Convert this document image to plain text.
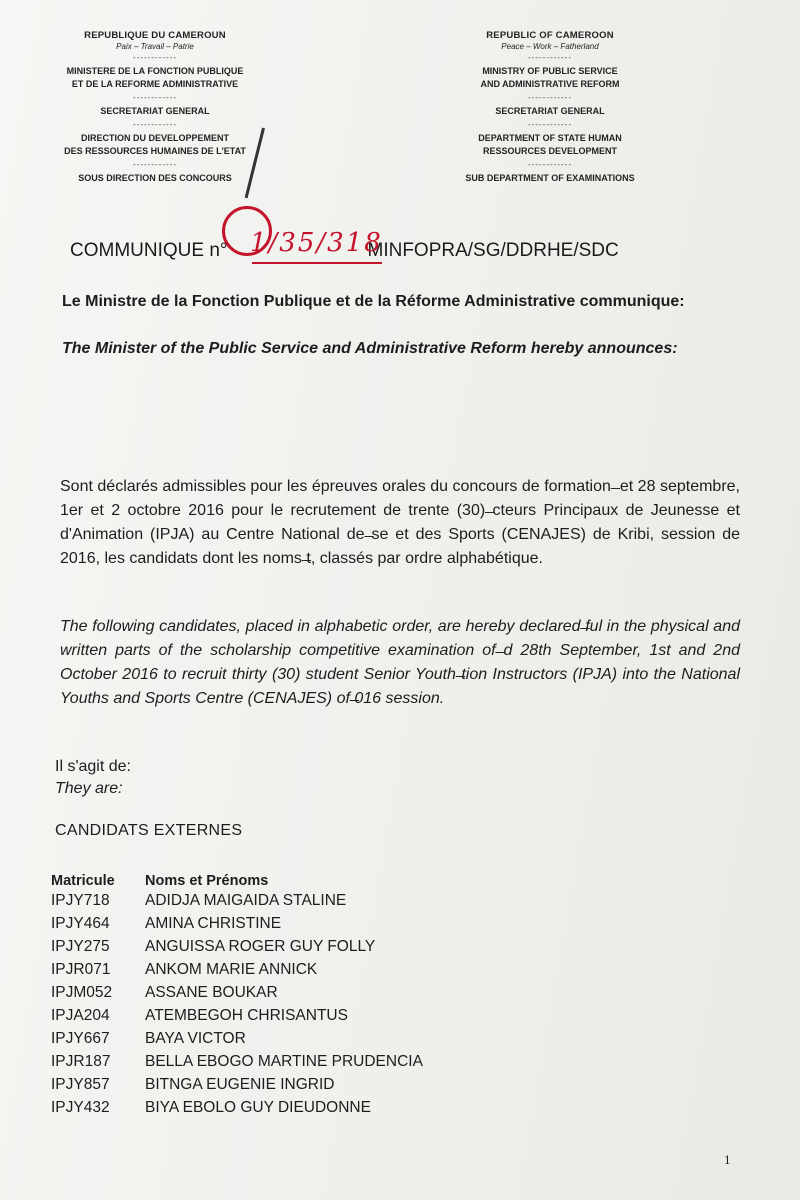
REPUBLIQUE DU CAMEROUN
Paix – Travail – Patrie
------------
MINISTERE DE LA FONCTION PUBLIQUE
ET DE LA REFORME ADMINISTRATIVE
------------
SECRETARIAT GENERAL
------------
DIRECTION DU DEVELOPPEMENT
DES RESSOURCES HUMAINES DE L'ETAT
------------
SOUS DIRECTION DES CONCOURS
REPUBLIC OF CAMEROON
Peace – Work – Fatherland
------------
MINISTRY OF PUBLIC SERVICE
AND ADMINISTRATIVE REFORM
------------
SECRETARIAT GENERAL
------------
DEPARTMENT OF STATE HUMAN
RESSOURCES DEVELOPMENT
------------
SUB DEPARTMENT OF EXAMINATIONS
COMMUNIQUE n°	MINFOPRA/SG/DDRHE/SDC
1/35/318
Le Ministre de la Fonction Publique et de la Réforme Administrative communique:
The Minister of the Public Service and Administrative Reform hereby announces:
Sont déclarés admissibles pour les épreuves orales du concours de formation ̶ et 28 septembre, 1er et 2 octobre 2016 pour le recrutement de trente (30) ̶cteurs Principaux de Jeunesse et d'Animation (IPJA) au Centre National de ̶se et des Sports (CENAJES) de Kribi, session de 2016, les candidats dont les noms ̶t, classés par ordre alphabétique.
The following candidates, placed in alphabetic order, are hereby declared ̶ful in the physical and written parts of the scholarship competitive examination of ̶d 28th September, 1st and 2nd October 2016 to recruit thirty (30) student Senior Youth ̶tion Instructors (IPJA) into the National Youths and Sports Centre (CENAJES) of ̶016 session.
Il s'agit de:
They are:
CANDIDATS EXTERNES
Matricule	Noms et Prénoms
IPJY718	ADIDJA MAIGAIDA STALINE
IPJY464	AMINA CHRISTINE
IPJY275	ANGUISSA ROGER GUY FOLLY
IPJR071	ANKOM MARIE ANNICK
IPJM052	ASSANE BOUKAR
IPJA204	ATEMBEGOH CHRISANTUS
IPJY667	BAYA VICTOR
IPJR187	BELLA EBOGO MARTINE PRUDENCIA
IPJY857	BITNGA EUGENIE INGRID
IPJY432	BIYA EBOLO GUY DIEUDONNE
1
